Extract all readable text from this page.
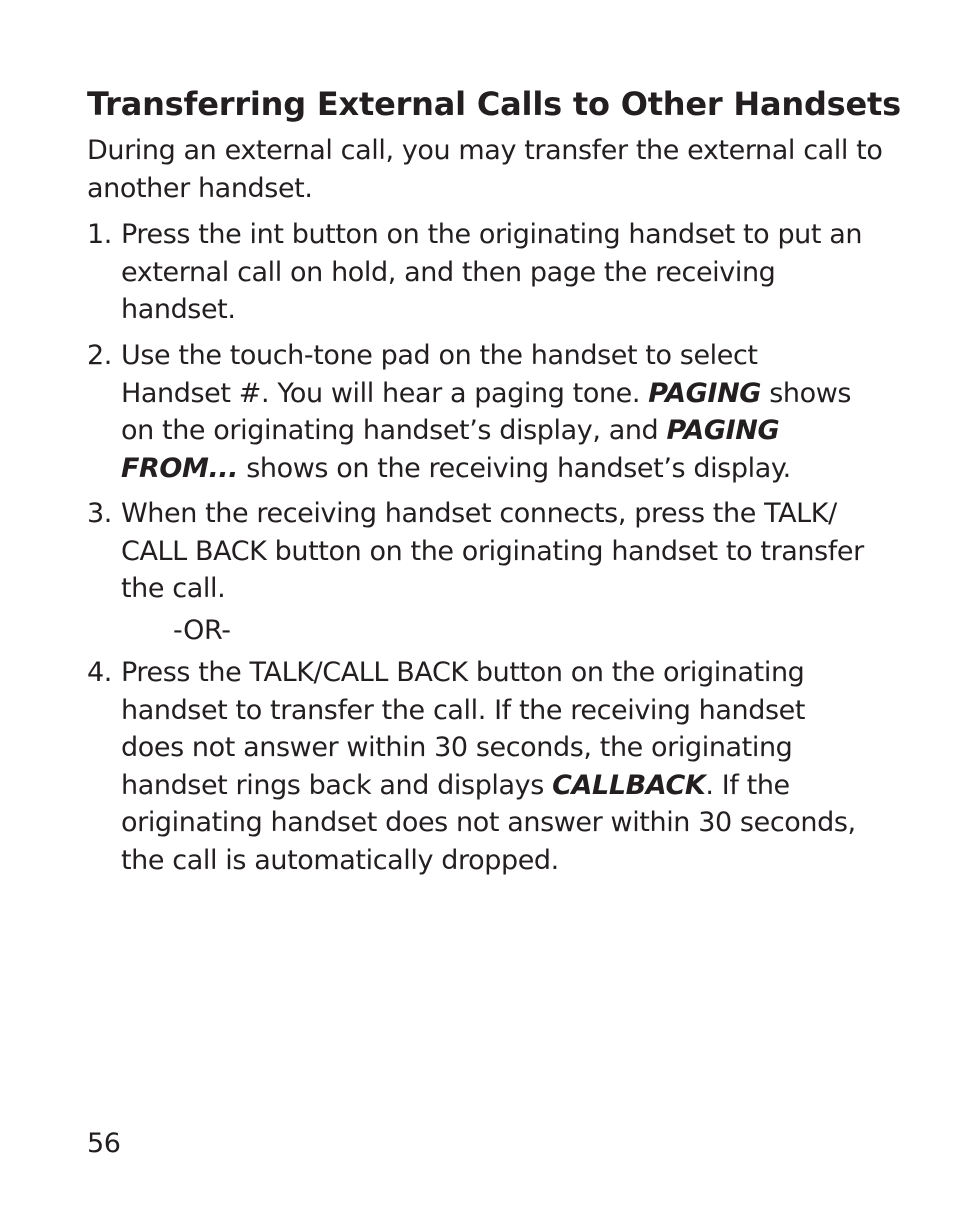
Transferring External Calls to Other Handsets

During an external call, you may transfer the external call to another handset.

1. Press the int button on the originating handset to put an external call on hold, and then page the receiving handset.
2. Use the touch-tone pad on the handset to select Handset #. You will hear a paging tone. PAGING shows on the originating handset’s display, and PAGING FROM... shows on the receiving handset’s display.
3. When the receiving handset connects, press the TALK/ CALL BACK button on the originating handset to transfer the call.
-OR-
4. Press the TALK/CALL BACK button on the originating handset to transfer the call. If the receiving handset does not answer within 30 seconds, the originating handset rings back and displays CALLBACK. If the originating handset does not answer within 30 seconds, the call is automatically dropped.
56
